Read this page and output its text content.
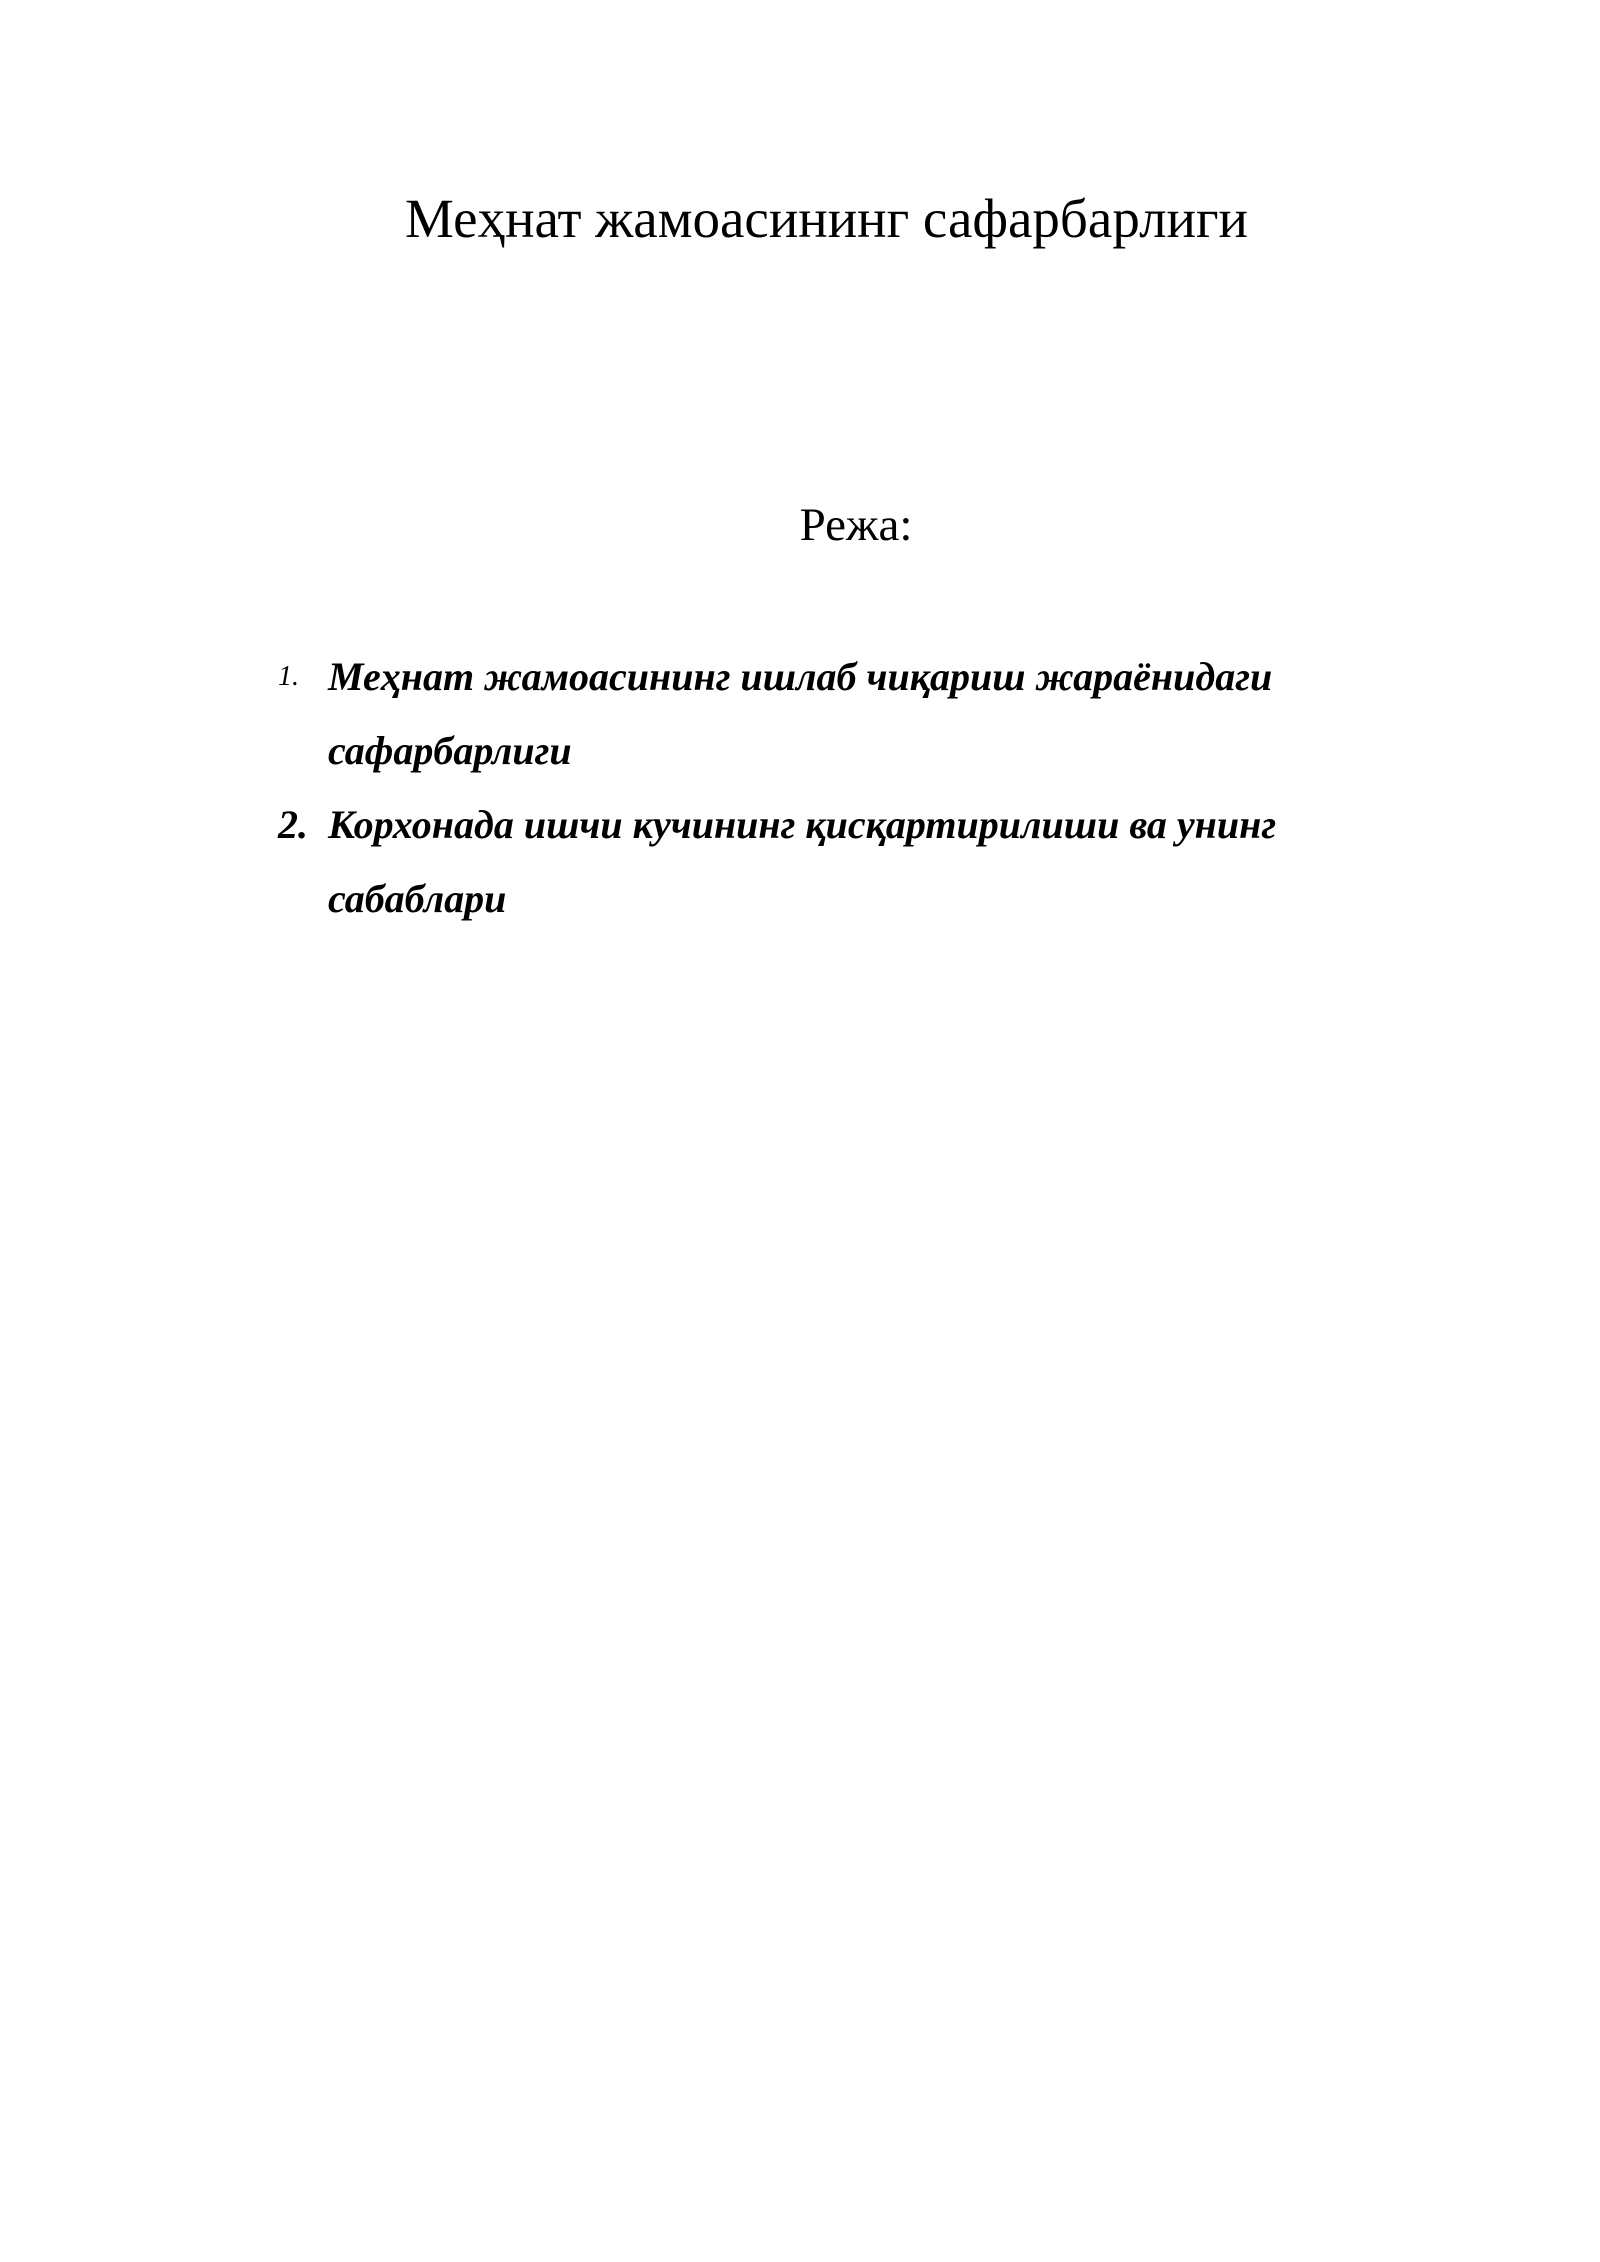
Меҳнат жамоасининг сафарбарлиги
Режа:
1. Меҳнат жамоасининг ишлаб чиқариш жараёнидаги сафарбарлиги
2. Корхонада ишчи кучининг қисқартирилиши ва унинг сабаблари
